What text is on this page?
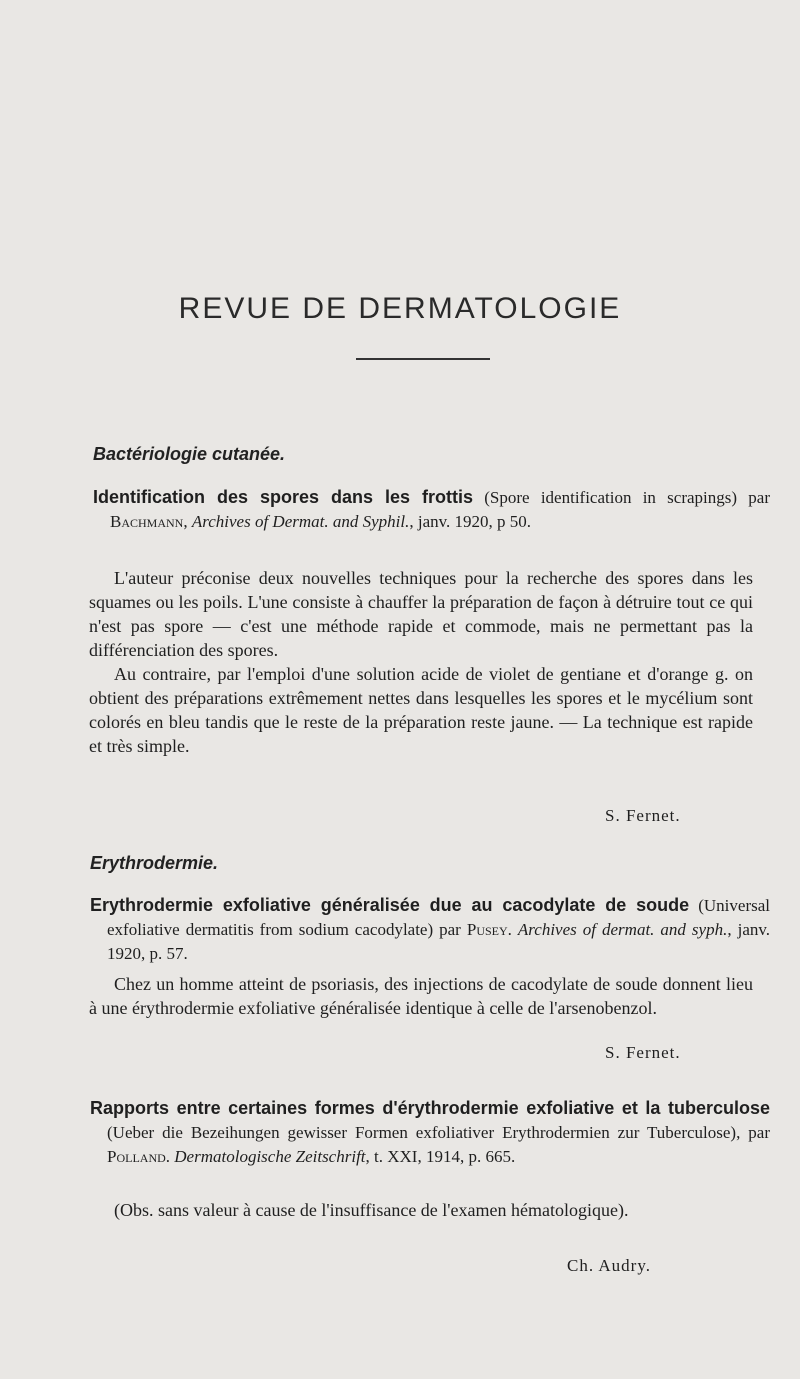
REVUE DE DERMATOLOGIE
Bactériologie cutanée.
Identification des spores dans les frottis (Spore identification in scrapings) par Bachmann, Archives of Dermat. and Syphil., janv. 1920, p 50.

L'auteur préconise deux nouvelles techniques pour la recherche des spores dans les squames ou les poils. L'une consiste à chauffer la préparation de façon à détruire tout ce qui n'est pas spore — c'est une méthode rapide et commode, mais ne permettant pas la différenciation des spores.

Au contraire, par l'emploi d'une solution acide de violet de gentiane et d'orange g. on obtient des préparations extrêmement nettes dans lesquelles les spores et le mycélium sont colorés en bleu tandis que le reste de la préparation reste jaune. — La technique est rapide et très simple.

S. Fernet.
Erythrodermie.
Erythrodermie exfoliative généralisée due au cacodylate de soude (Universal exfoliative dermatitis from sodium cacodylate) par Pusey. Archives of dermat. and syph., janv. 1920, p. 57.

Chez un homme atteint de psoriasis, des injections de cacodylate de soude donnent lieu à une érythrodermie exfoliative généralisée identique à celle de l'arsenobenzol.

S. Fernet.
Rapports entre certaines formes d'érythrodermie exfoliative et la tuberculose (Ueber die Bezeihungen gewisser Formen exfoliativer Erythrodermien zur Tuberculose), par Polland. Dermatologische Zeitschrift, t. XXI, 1914, p. 665.

(Obs. sans valeur à cause de l'insuffisance de l'examen hématologique).

Ch. Audry.
